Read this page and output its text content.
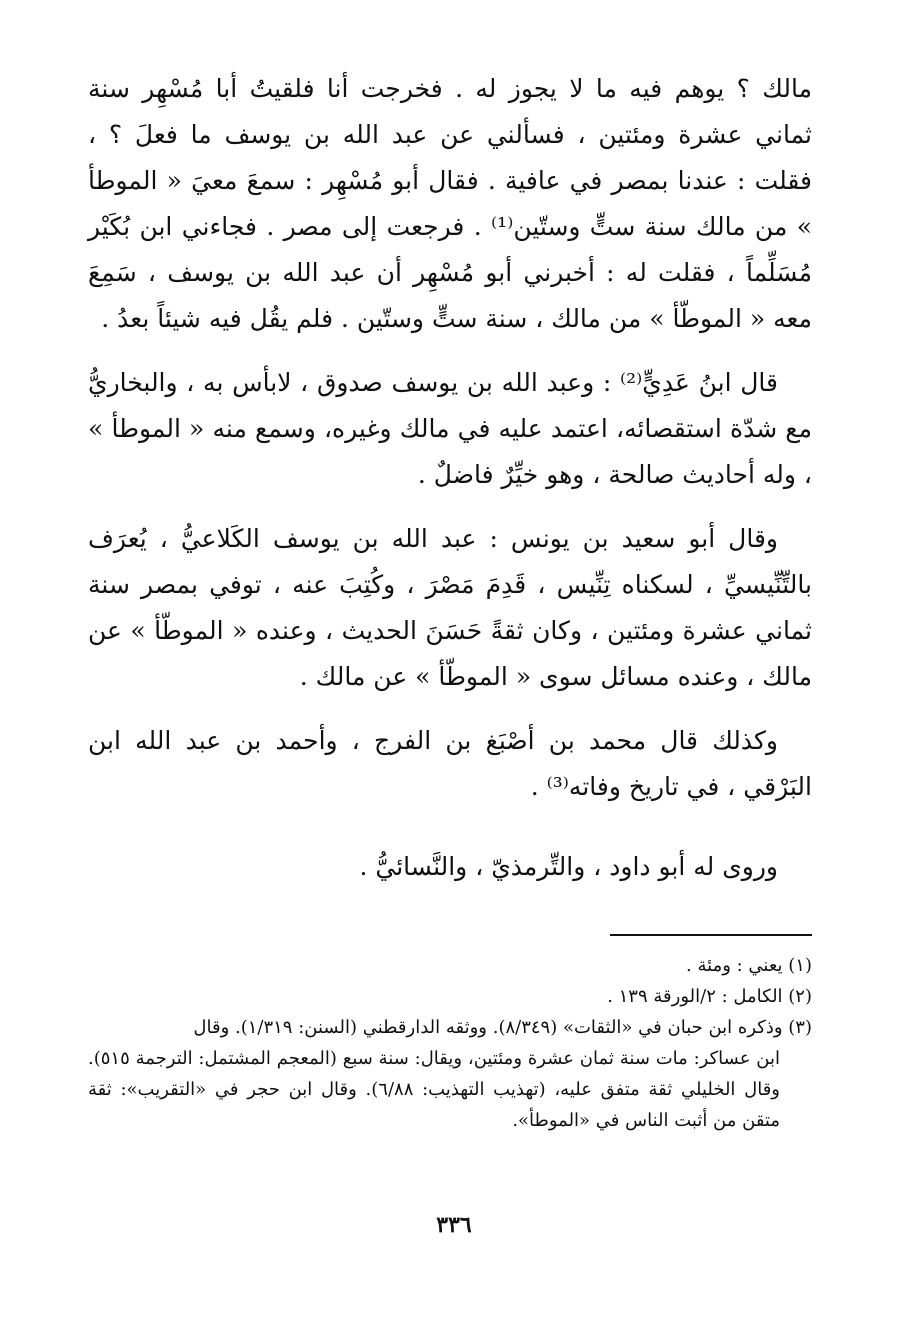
مالك ؟ يوهم فيه ما لا يجوز له . فخرجت أنا فلقيتُ أبا مُسْهِر سنة ثماني عشرة ومئتين ، فسألني عن عبد الله بن يوسف ما فعلَ ؟ ، فقلت : عندنا بمصر في عافية . فقال أبو مُسْهِر : سمعَ معيَ « الموطأ » من مالك سنة ستٍّ وستّين⁽¹⁾ . فرجعت إلى مصر . فجاءني ابن بُكَيْر مُسَلِّماً ، فقلت له : أخبرني أبو مُسْهِر أن عبد الله بن يوسف ، سَمِعَ معه « الموطّأ » من مالك ، سنة ستٍّ وستّين . فلم يقُل فيه شيئاً بعدُ .

قال ابنُ عَدِيٍّ⁽²⁾ : وعبد الله بن يوسف صدوق ، لابأس به ، والبخاريُّ مع شدّة استقصائه، اعتمد عليه في مالك وغيره، وسمع منه « الموطأ » ، وله أحاديث صالحة ، وهو خيِّرٌ فاضلٌ .

وقال أبو سعيد بن يونس : عبد الله بن يوسف الكَلاعيُّ ، يُعرَف بالتِّنِّيسيِّ ، لسكناه تِنِّيس ، قَدِمَ مَصْرَ ، وكُتِبَ عنه ، توفي بمصر سنة ثماني عشرة ومئتين ، وكان ثقةً حَسَنَ الحديث ، وعنده « الموطّأ » عن مالك ، وعنده مسائل سوى « الموطّأ » عن مالك .

وكذلك قال محمد بن أصْبَغ بن الفرج ، وأحمد بن عبد الله ابن البَرْقي ، في تاريخ وفاته⁽³⁾ .

وروى له أبو داود ، والتِّرمذيّ ، والنَّسائيُّ .

(١) يعني : ومئة .

(٢) الكامل : ٢/الورقة ١٣٩ .

(٣) وذكره ابن حبان في «الثقات» (٨/٣٤٩). ووثقه الدارقطني (السنن: ١/٣١٩). وقال

ابن عساكر: مات سنة ثمان عشرة ومئتين، ويقال: سنة سبع (المعجم المشتمل: الترجمة ٥١٥). وقال الخليلي ثقة متفق عليه، (تهذيب التهذيب: ٦/٨٨). وقال ابن حجر في «التقريب»: ثقة متقن من أثبت الناس في «الموطأ».

٣٣٦
